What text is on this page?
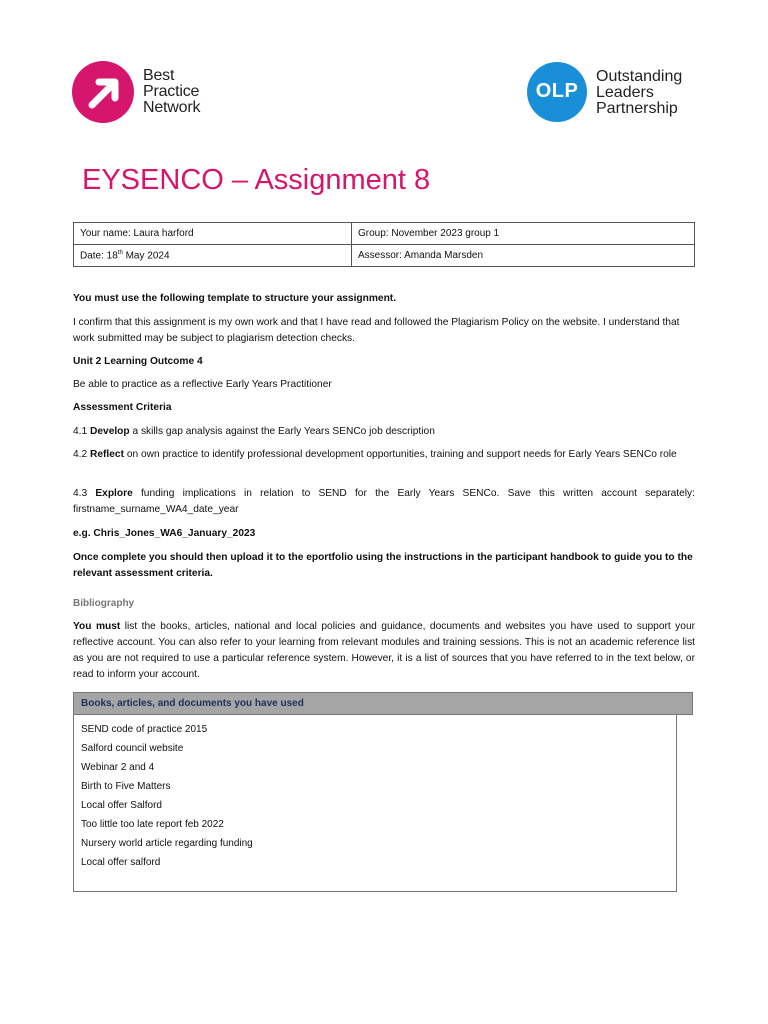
Best
Practice
Network
OLP
Outstanding
Leaders
Partnership
EYSENCO – Assignment 8
Your name: Laura harford	Group: November 2023 group 1
Date: 18th May 2024	Assessor: Amanda Marsden
You must use the following template to structure your assignment.
I confirm that this assignment is my own work and that I have read and followed the Plagiarism Policy on the website. I understand that work submitted may be subject to plagiarism detection checks.
Unit 2 Learning Outcome 4
Be able to practice as a reflective Early Years Practitioner
Assessment Criteria
4.1 Develop a skills gap analysis against the Early Years SENCo job description
4.2 Reflect on own practice to identify professional development opportunities, training and support needs for Early Years SENCo role
4.3 Explore funding implications in relation to SEND for the Early Years SENCo. Save this written account separately: firstname_surname_WA4_date_year
e.g. Chris_Jones_WA6_January_2023
Once complete you should then upload it to the eportfolio using the instructions in the participant handbook to guide you to the relevant assessment criteria.
Bibliography
You must list the books, articles, national and local policies and guidance, documents and websites you have used to support your reflective account. You can also refer to your learning from relevant modules and training sessions. This is not an academic reference list as you are not required to use a particular reference system. However, it is a list of sources that you have referred to in the text below, or read to inform your account.
Books, articles, and documents you have used
SEND code of practice 2015
Salford council website
Webinar 2 and 4
Birth to Five Matters
Local offer Salford
Too little too late report feb 2022
Nursery world article regarding funding
Local offer salford
